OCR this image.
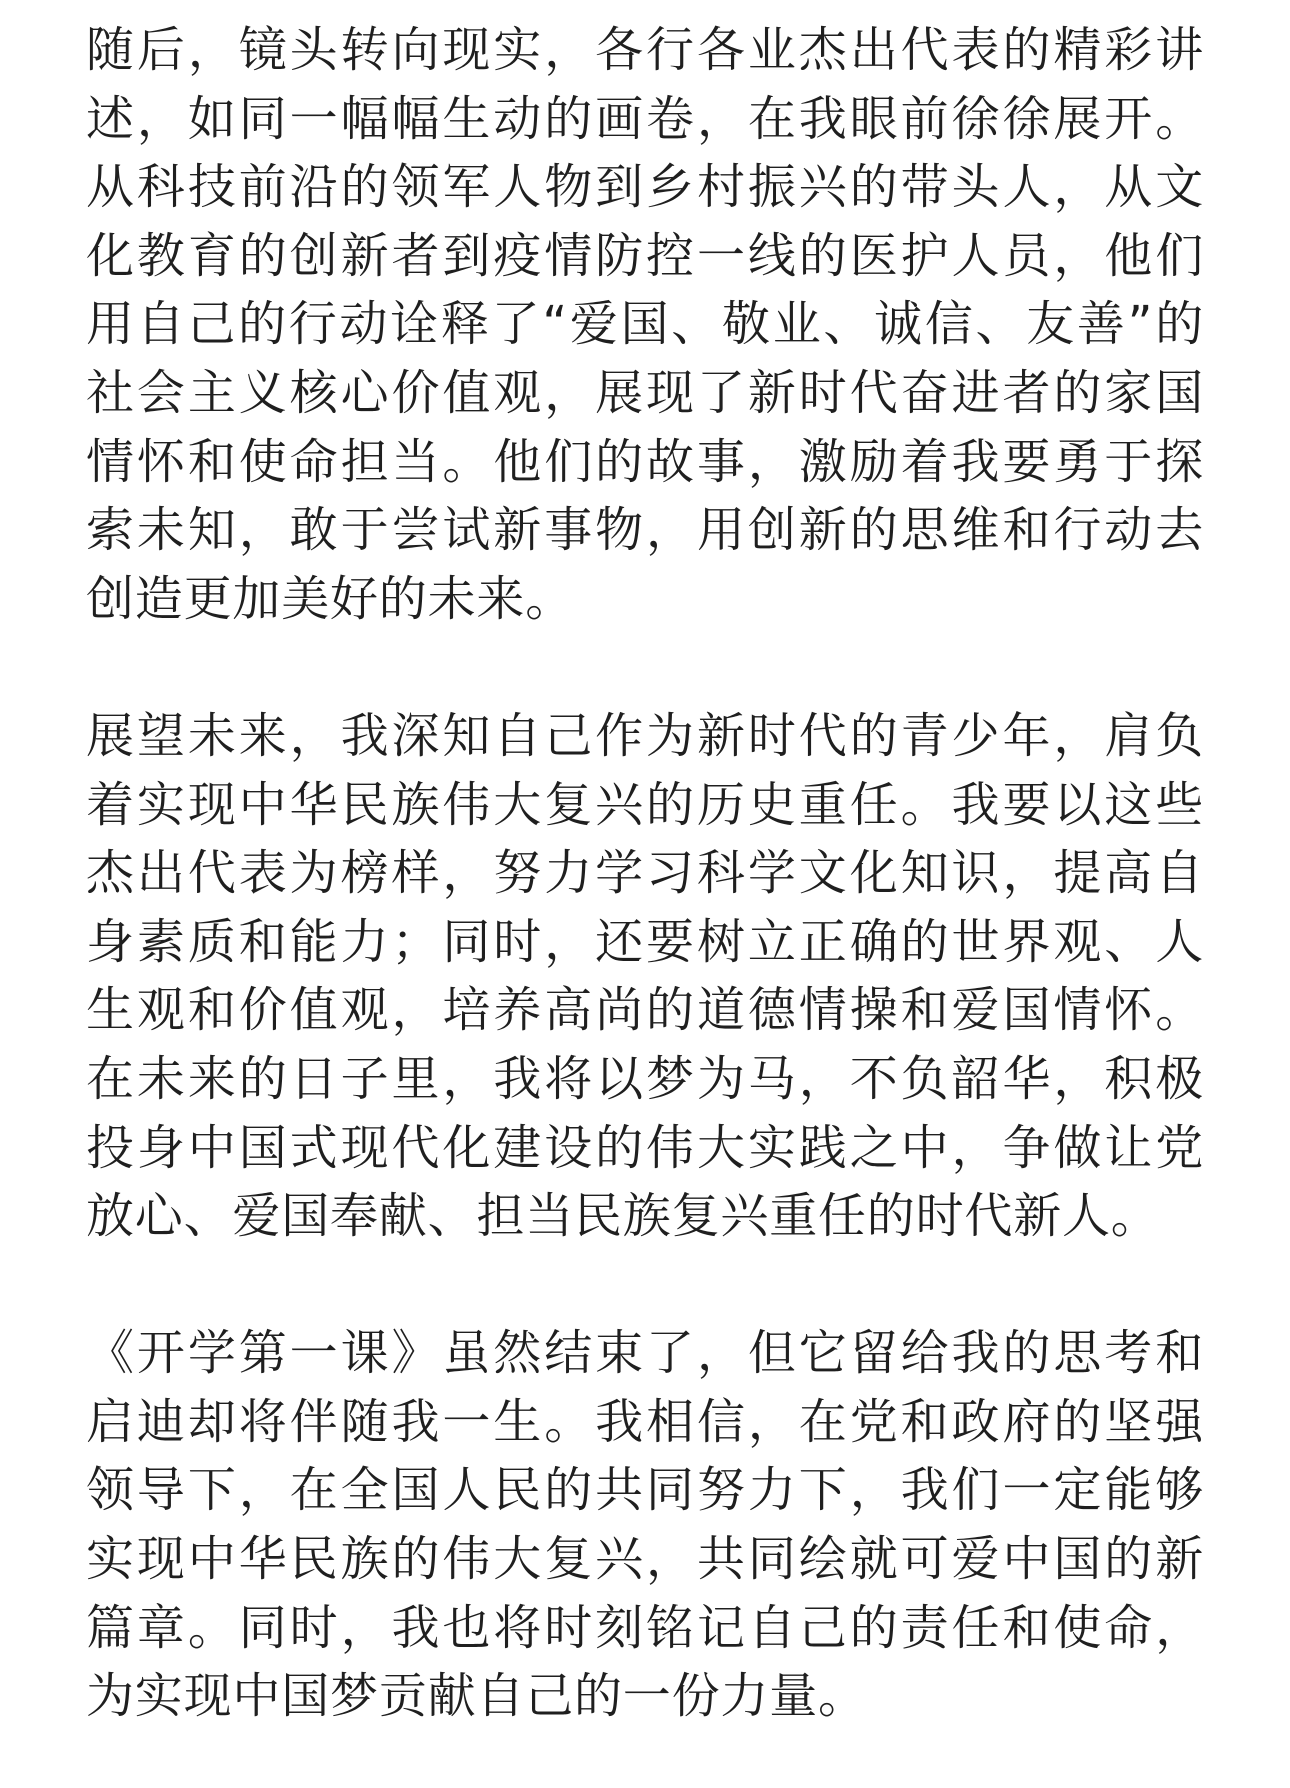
随后，镜头转向现实，各行各业杰出代表的精彩讲述，如同一幅幅生动的画卷，在我眼前徐徐展开。从科技前沿的领军人物到乡村振兴的带头人，从文化教育的创新者到疫情防控一线的医护人员，他们用自己的行动诠释了“爱国、敬业、诚信、友善”的社会主义核心价值观，展现了新时代奋进者的家国情怀和使命担当。他们的故事，激励着我要勇于探索未知，敢于尝试新事物，用创新的思维和行动去创造更加美好的未来。

展望未来，我深知自己作为新时代的青少年，肩负着实现中华民族伟大复兴的历史重任。我要以这些杰出代表为榜样，努力学习科学文化知识，提高自身素质和能力；同时，还要树立正确的世界观、人生观和价值观，培养高尚的道德情操和爱国情怀。在未来的日子里，我将以梦为马，不负韶华，积极投身中国式现代化建设的伟大实践之中，争做让党放心、爱国奉献、担当民族复兴重任的时代新人。

《开学第一课》虽然结束了，但它留给我的思考和启迪却将伴随我一生。我相信，在党和政府的坚强领导下，在全国人民的共同努力下，我们一定能够实现中华民族的伟大复兴，共同绘就可爱中国的新篇章。同时，我也将时刻铭记自己的责任和使命，为实现中国梦贡献自己的一份力量。
